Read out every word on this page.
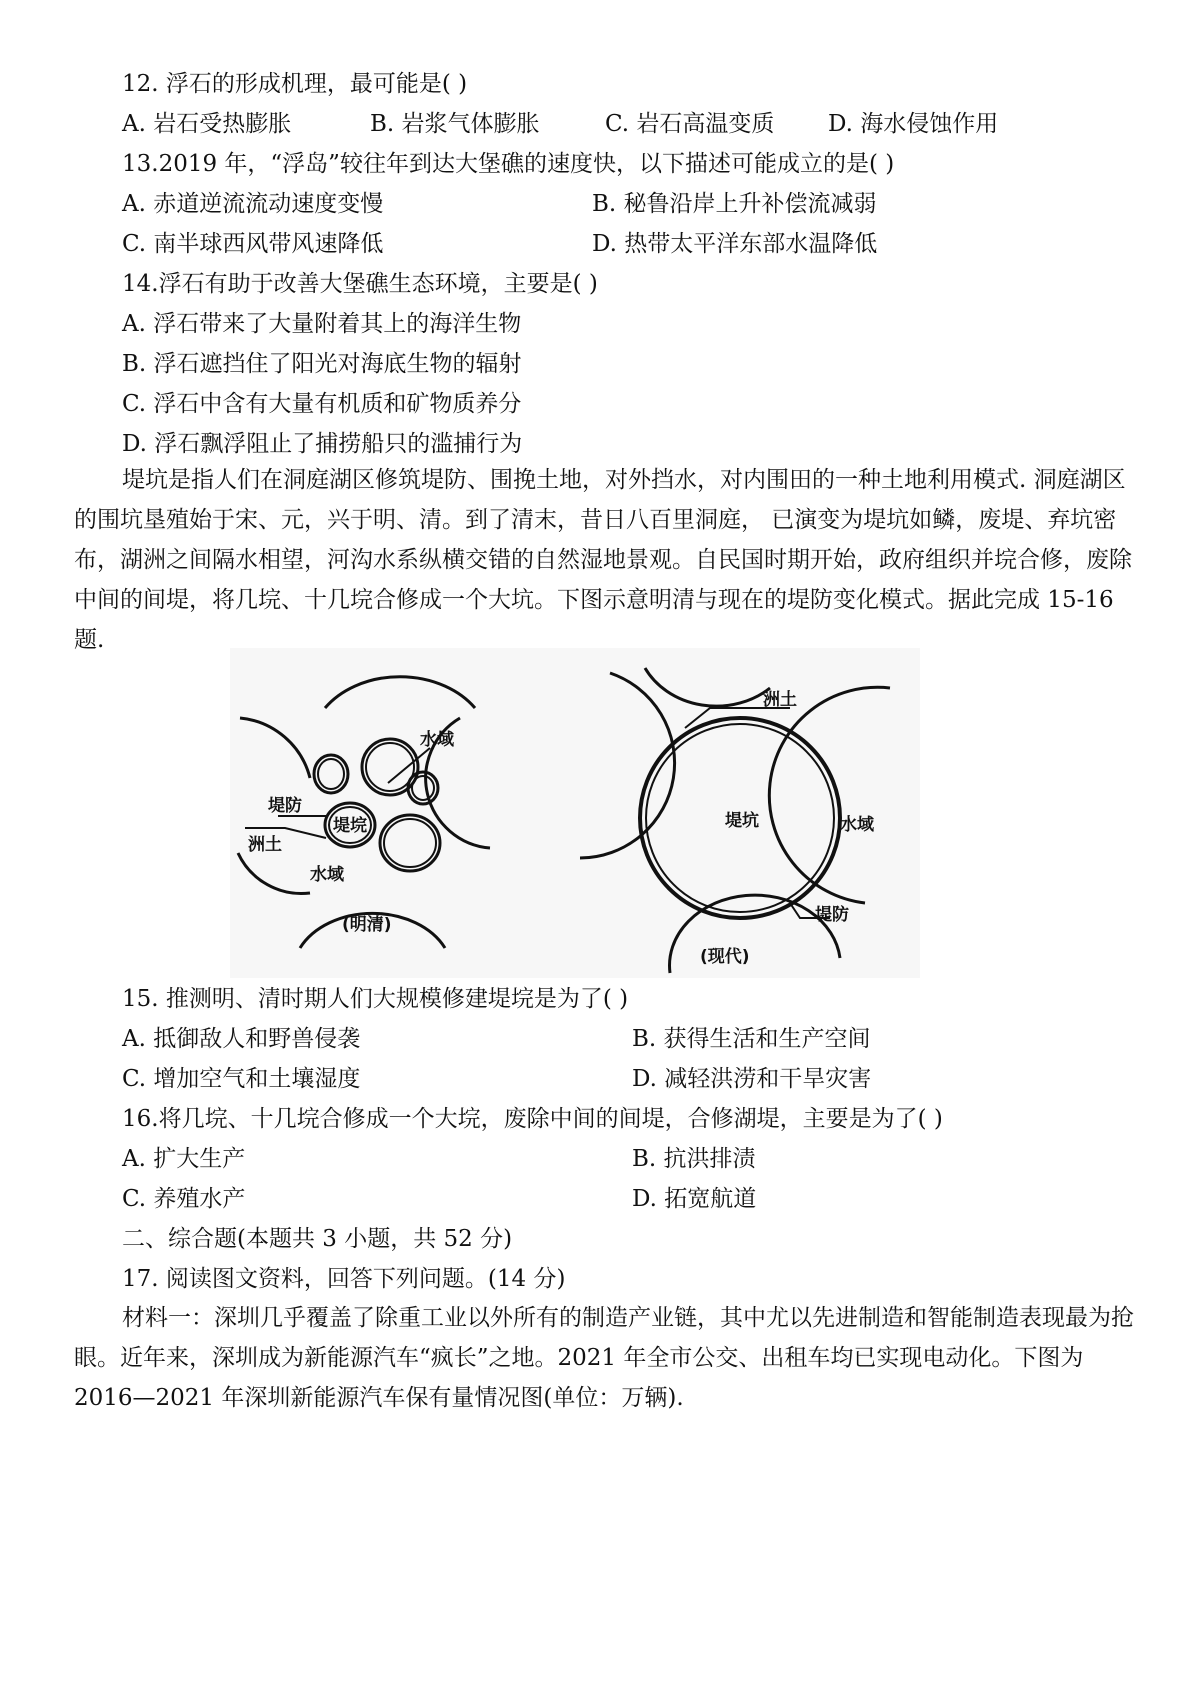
12. 浮石的形成机理，最可能是( )
A. 岩石受热膨胀	B. 岩浆气体膨胀	C. 岩石高温变质 D. 海水侵蚀作用
13.2019 年，“浮岛”较往年到达大堡礁的速度快，以下描述可能成立的是( )
A. 赤道逆流流动速度变慢	B. 秘鲁沿岸上升补偿流减弱
C. 南半球西风带风速降低	D. 热带太平洋东部水温降低
14.浮石有助于改善大堡礁生态环境，主要是( )
A. 浮石带来了大量附着其上的海洋生物
B. 浮石遮挡住了阳光对海底生物的辐射
C. 浮石中含有大量有机质和矿物质养分
D. 浮石飘浮阻止了捕捞船只的滥捕行为

堤坑是指人们在洞庭湖区修筑堤防、围挽土地，对外挡水，对内围田的一种土地利用模式. 洞庭湖区的围坑垦殖始于宋、元，兴于明、清。到了清末，昔日八百里洞庭， 已演变为堤坑如鳞，废堤、弃坑密布，湖洲之间隔水相望，河沟水系纵横交错的自然湿地景观。自民国时期开始，政府组织并垸合修，废除中间的间堤，将几垸、十几垸合修成一个大坑。下图示意明清与现在的堤防变化模式。据此完成 15-16 题.

堤防
堤垸
洲土
水域
水域
(明清)
洲土
堤坑	水域
堤防
(现代)
15. 推测明、清时期人们大规模修建堤垸是为了( )
A. 抵御敌人和野兽侵袭	B. 获得生活和生产空间
C. 增加空气和土壤湿度	D. 减轻洪涝和干旱灾害
16.将几垸、十几垸合修成一个大垸，废除中间的间堤，合修湖堤，主要是为了( )
A. 扩大生产	B. 抗洪排渍
C. 养殖水产	D. 拓宽航道
二、综合题(本题共 3 小题，共 52 分)
17. 阅读图文资料，回答下列问题。(14 分)

材料一：深圳几乎覆盖了除重工业以外所有的制造产业链，其中尤以先进制造和智能制造表现最为抢眼。近年来，深圳成为新能源汽车“疯长”之地。2021 年全市公交、出租车均已实现电动化。下图为 2016—2021 年深圳新能源汽车保有量情况图(单位：万辆).
